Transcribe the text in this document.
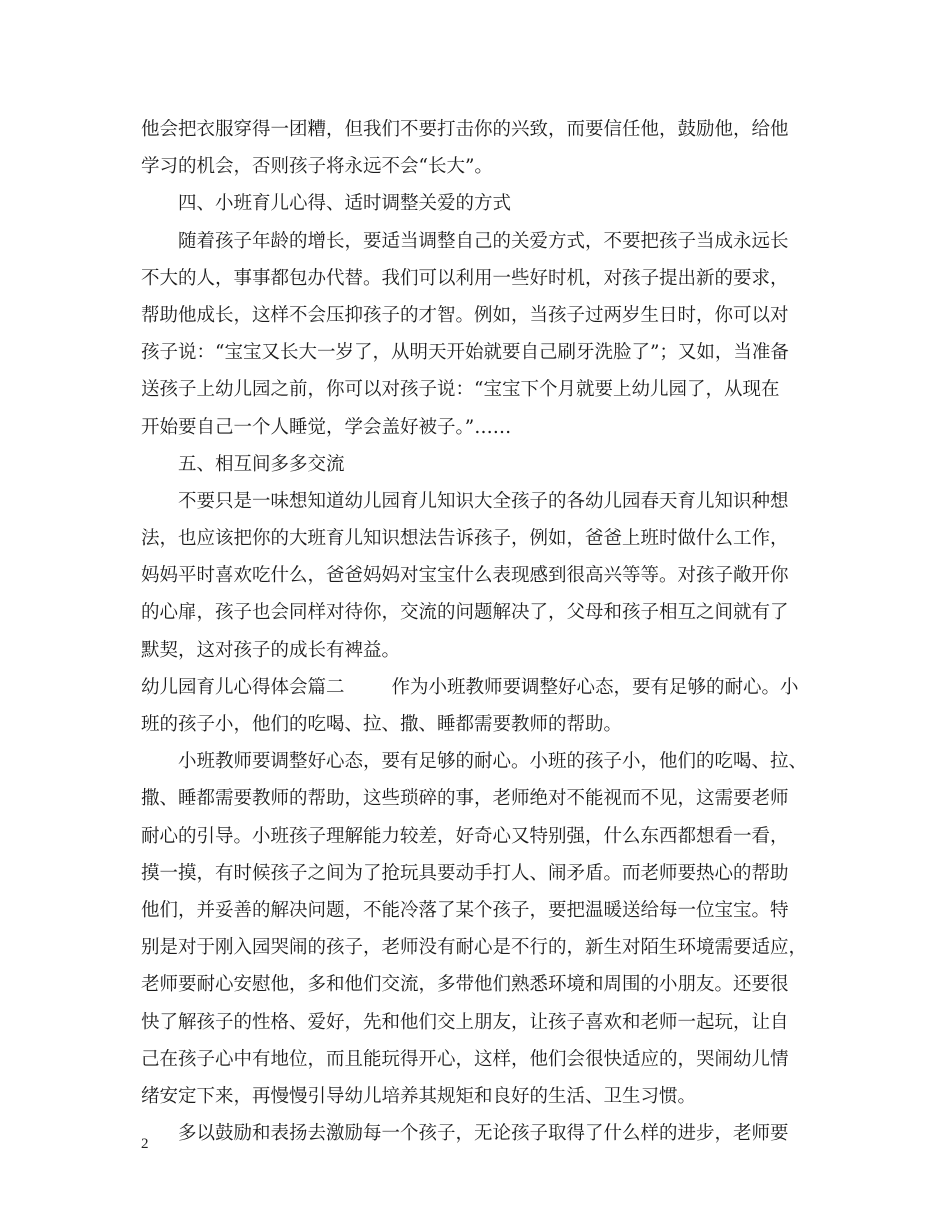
他会把衣服穿得一团糟，但我们不要打击你的兴致，而要信任他，鼓励他，给他
学习的机会，否则孩子将永远不会“长大”。
四、小班育儿心得、适时调整关爱的方式
随着孩子年龄的增长，要适当调整自己的关爱方式，不要把孩子当成永远长
不大的人，事事都包办代替。我们可以利用一些好时机，对孩子提出新的要求，
帮助他成长，这样不会压抑孩子的才智。例如，当孩子过两岁生日时，你可以对
孩子说：“宝宝又长大一岁了，从明天开始就要自己刷牙洗脸了”；又如，当准备
送孩子上幼儿园之前，你可以对孩子说：“宝宝下个月就要上幼儿园了，从现在
开始要自己一个人睡觉，学会盖好被子。”……
五、相互间多多交流
不要只是一味想知道幼儿园育儿知识大全孩子的各幼儿园春天育儿知识种想
法，也应该把你的大班育儿知识想法告诉孩子，例如，爸爸上班时做什么工作，
妈妈平时喜欢吃什么，爸爸妈妈对宝宝什么表现感到很高兴等等。对孩子敞开你
的心扉，孩子也会同样对待你，交流的问题解决了，父母和孩子相互之间就有了
默契，这对孩子的成长有裨益。
幼儿园育儿心得体会篇二        作为小班教师要调整好心态，要有足够的耐心。小
班的孩子小，他们的吃喝、拉、撒、睡都需要教师的帮助。
小班教师要调整好心态，要有足够的耐心。小班的孩子小，他们的吃喝、拉、
撒、睡都需要教师的帮助，这些琐碎的事，老师绝对不能视而不见，这需要老师
耐心的引导。小班孩子理解能力较差，好奇心又特别强，什么东西都想看一看，
摸一摸，有时候孩子之间为了抢玩具要动手打人、闹矛盾。而老师要热心的帮助
他们，并妥善的解决问题，不能冷落了某个孩子，要把温暖送给每一位宝宝。特
别是对于刚入园哭闹的孩子，老师没有耐心是不行的，新生对陌生环境需要适应，
老师要耐心安慰他，多和他们交流，多带他们熟悉环境和周围的小朋友。还要很
快了解孩子的性格、爱好，先和他们交上朋友，让孩子喜欢和老师一起玩，让自
己在孩子心中有地位，而且能玩得开心，这样，他们会很快适应的，哭闹幼儿情
绪安定下来，再慢慢引导幼儿培养其规矩和良好的生活、卫生习惯。
多以鼓励和表扬去激励每一个孩子，无论孩子取得了什么样的进步，老师要
2
